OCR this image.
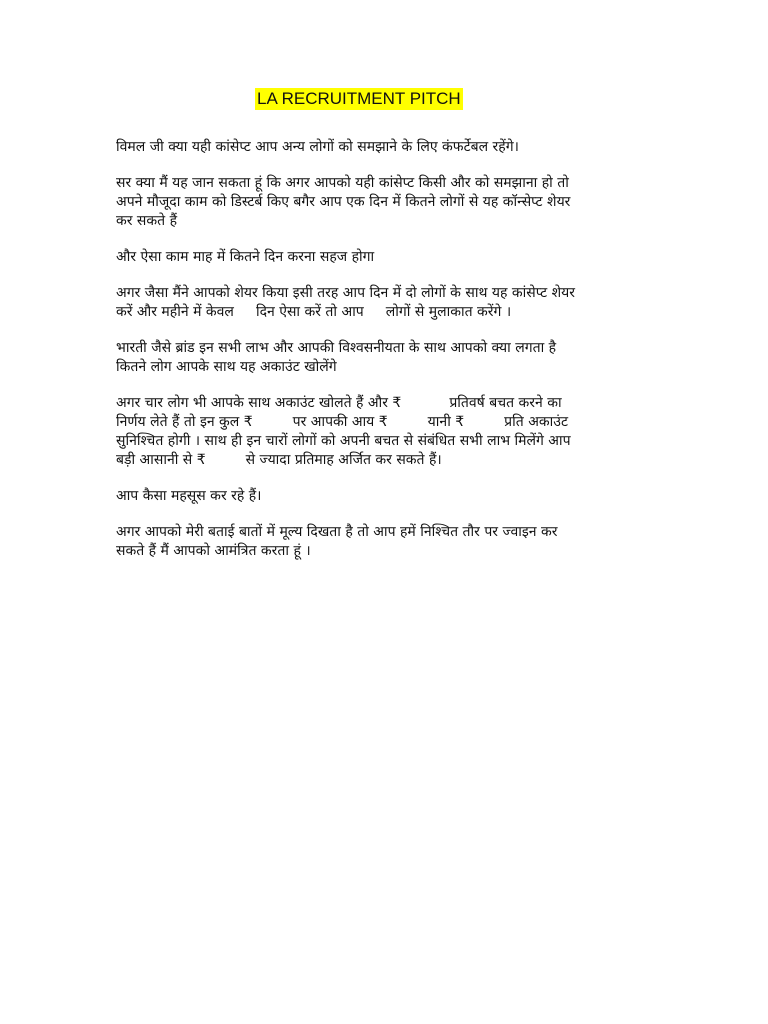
LA RECRUITMENT PITCH

विमल जी क्या यही कांसेप्ट आप अन्य लोगों को समझाने के लिए कंफर्टेबल रहेंगे।

सर क्या मैं यह जान सकता हूं कि अगर आपको यही कांसेप्ट किसी और को समझाना हो तो
अपने मौजूदा काम को डिस्टर्ब किए बगैर आप एक दिन में कितने लोगों से यह कॉन्सेप्ट शेयर
कर सकते हैं

और ऐसा काम माह में कितने दिन करना सहज होगा

अगर जैसा मैंने आपको शेयर किया इसी तरह आप दिन में दो लोगों के साथ यह कांसेप्ट शेयर
करें और महीने में केवल दिन ऐसा करें तो आप लोगों से मुलाकात करेंगे ।

भारती जैसे ब्रांड इन सभी लाभ और आपकी विश्वसनीयता के साथ आपको क्या लगता है
कितने लोग आपके साथ यह अकाउंट खोलेंगे

अगर चार लोग भी आपके साथ अकाउंट खोलते हैं और ₹	प्रतिवर्ष बचत करने का
निर्णय लेते हैं तो इन कुल ₹	पर आपकी आय ₹	यानी ₹	प्रति अकाउंट
सुनिश्चित होगी । साथ ही इन चारों लोगों को अपनी बचत से संबंधित सभी लाभ मिलेंगे आप
बड़ी आसानी से ₹	से ज्यादा प्रतिमाह अर्जित कर सकते हैं।

आप कैसा महसूस कर रहे हैं।

अगर आपको मेरी बताई बातों में मूल्य दिखता है तो आप हमें निश्चित तौर पर ज्वाइन कर
सकते हैं मैं आपको आमंत्रित करता हूं ।
